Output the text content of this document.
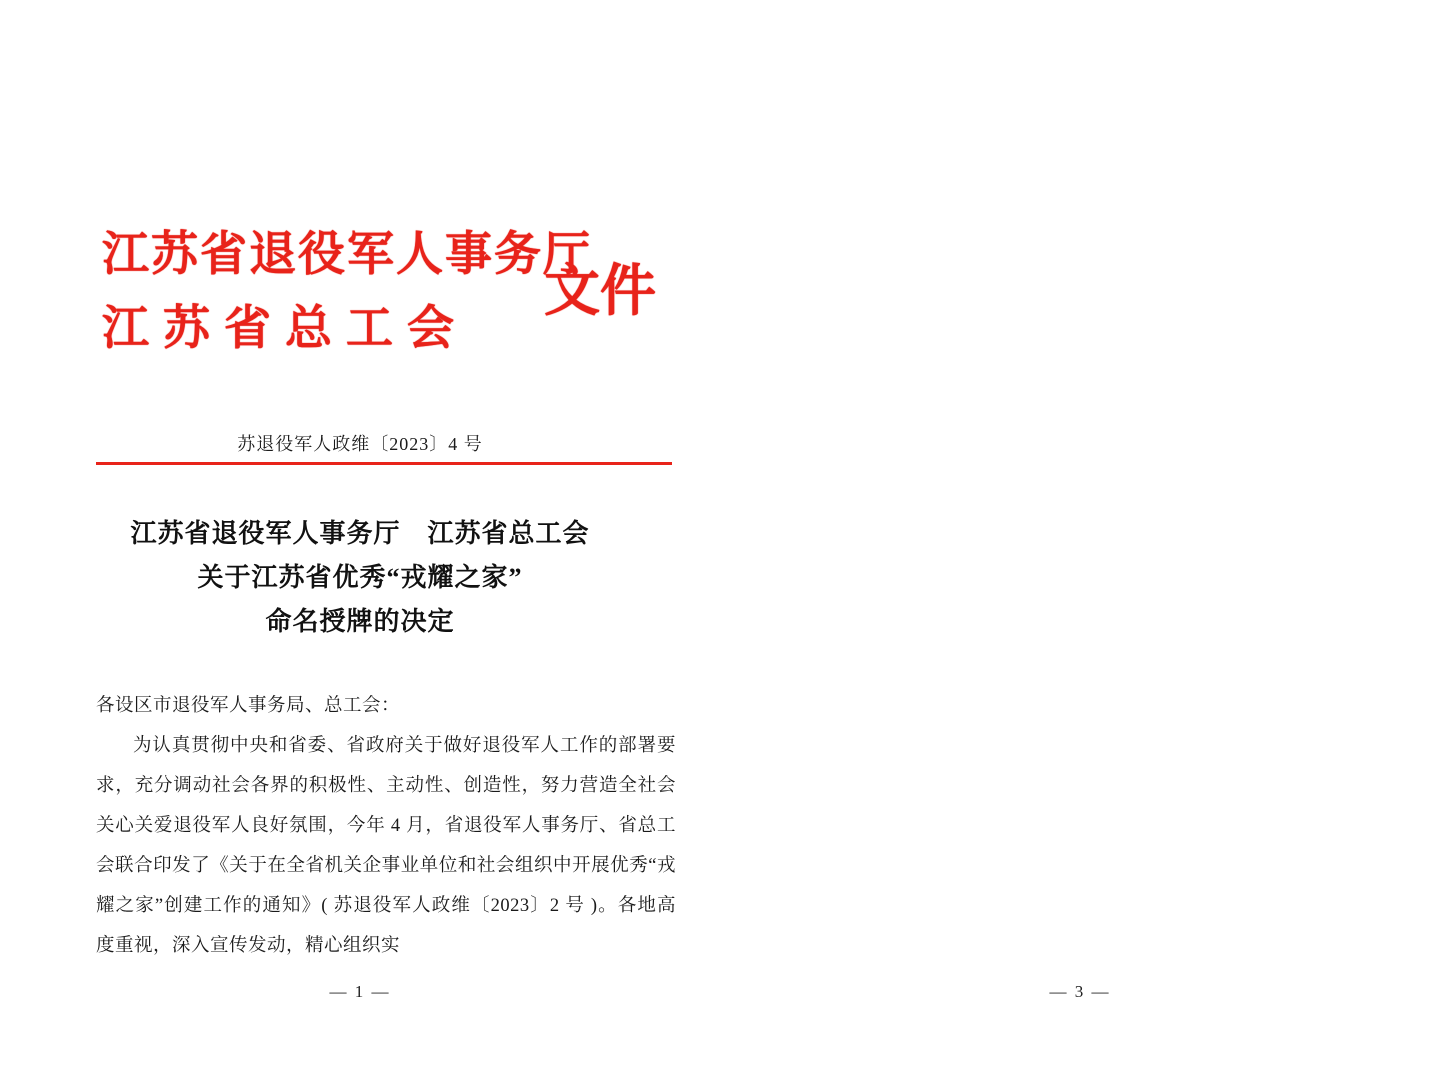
江苏省退役军人事务厅
江苏省总工会
文件
苏退役军人政维〔2023〕4 号
江苏省退役军人事务厅　江苏省总工会
关于江苏省优秀“戎耀之家”
命名授牌的决定

各设区市退役军人事务局、总工会：

为认真贯彻中央和省委、省政府关于做好退役军人工作的部署要求，充分调动社会各界的积极性、主动性、创造性，努力营造全社会关心关爱退役军人良好氛围，今年 4 月，省退役军人事务厅、省总工会联合印发了《关于在全省机关企事业单位和社会组织中开展优秀“戎耀之家”创建工作的通知》( 苏退役军人政维〔2023〕2 号 )。各地高度重视，深入宣传发动，精心组织实

— 1 —	— 3 —
